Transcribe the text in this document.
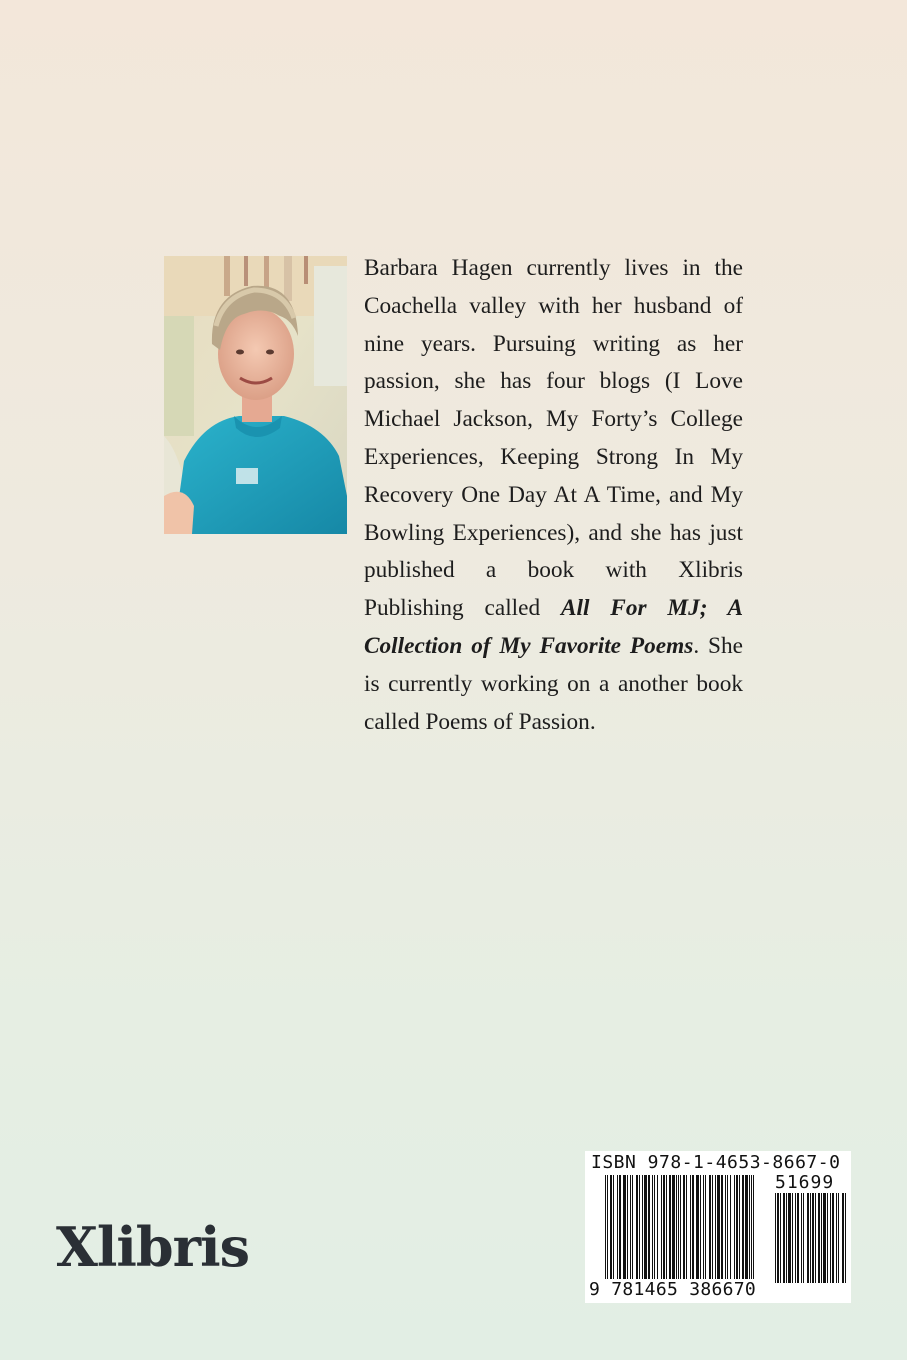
Barbara Hagen currently lives in the Coachella valley with her husband of nine years. Pursuing writing as her passion, she has four blogs (I Love Michael Jackson, My Forty’s College Experiences, Keeping Strong In My Recovery One Day At A Time, and My Bowling Experiences), and she has just published a book with Xlibris Publishing called All For MJ; A Collection of My Favorite Poems. She is currently working on a another book called Poems of Passion.
Xlibris
ISBN 978-1-4653-8667-0
51699
9 781465 386670
